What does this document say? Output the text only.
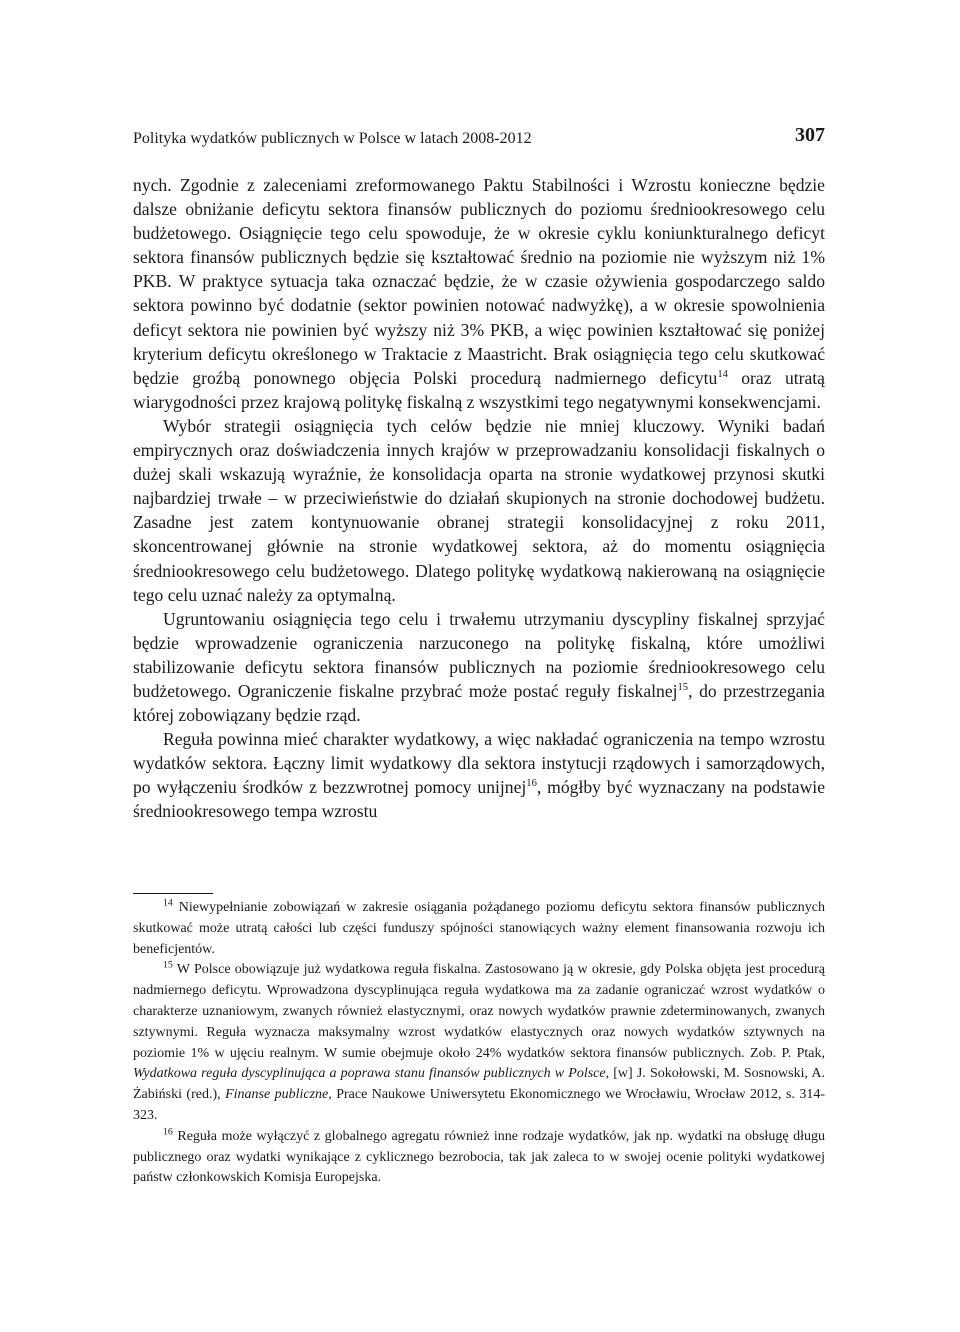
Polityka wydatków publicznych w Polsce w latach 2008-2012	307

nych. Zgodnie z zaleceniami zreformowanego Paktu Stabilności i Wzrostu konieczne będzie dalsze obniżanie deficytu sektora finansów publicznych do poziomu średniookresowego celu budżetowego. Osiągnięcie tego celu spowoduje, że w okresie cyklu koniunkturalnego deficyt sektora finansów publicznych będzie się kształtować średnio na poziomie nie wyższym niż 1% PKB. W praktyce sytuacja taka oznaczać będzie, że w czasie ożywienia gospodarczego saldo sektora powinno być dodatnie (sektor powinien notować nadwyżkę), a w okresie spowolnienia deficyt sektora nie powinien być wyższy niż 3% PKB, a więc powinien kształtować się poniżej kryterium deficytu określonego w Traktacie z Maastricht. Brak osiągnięcia tego celu skutkować będzie groźbą ponownego objęcia Polski procedurą nadmiernego deficytu$^{14}$ oraz utratą wiarygodności przez krajową politykę fiskalną z wszystkimi tego negatywnymi konsekwencjami.

Wybór strategii osiągnięcia tych celów będzie nie mniej kluczowy. Wyniki badań empirycznych oraz doświadczenia innych krajów w przeprowadzaniu konsolidacji fiskalnych o dużej skali wskazują wyraźnie, że konsolidacja oparta na stronie wydatkowej przynosi skutki najbardziej trwałe – w przeciwieństwie do działań skupionych na stronie dochodowej budżetu. Zasadne jest zatem kontynuowanie obranej strategii konsolidacyjnej z roku 2011, skoncentrowanej głównie na stronie wydatkowej sektora, aż do momentu osiągnięcia średniookresowego celu budżetowego. Dlatego politykę wydatkową nakierowaną na osiągnięcie tego celu uznać należy za optymalną.

Ugruntowaniu osiągnięcia tego celu i trwałemu utrzymaniu dyscypliny fiskalnej sprzyjać będzie wprowadzenie ograniczenia narzuconego na politykę fiskalną, które umożliwi stabilizowanie deficytu sektora finansów publicznych na poziomie średniookresowego celu budżetowego. Ograniczenie fiskalne przybrać może postać reguły fiskalnej$^{15}$, do przestrzegania której zobowiązany będzie rząd.

Reguła powinna mieć charakter wydatkowy, a więc nakładać ograniczenia na tempo wzrostu wydatków sektora. Łączny limit wydatkowy dla sektora instytucji rządowych i samorządowych, po wyłączeniu środków z bezzwrotnej pomocy unijnej$^{16}$, mógłby być wyznaczany na podstawie średniookresowego tempa wzrostu

$^{14}$ Niewypełnianie zobowiązań w zakresie osiągania pożądanego poziomu deficytu sektora finansów publicznych skutkować może utratą całości lub części funduszy spójności stanowiących ważny element finansowania rozwoju ich beneficjentów.

$^{15}$ W Polsce obowiązuje już wydatkowa reguła fiskalna. Zastosowano ją w okresie, gdy Polska objęta jest procedurą nadmiernego deficytu. Wprowadzona dyscyplinująca reguła wydatkowa ma za zadanie ograniczać wzrost wydatków o charakterze uznaniowym, zwanych również elastycznymi, oraz nowych wydatków prawnie zdeterminowanych, zwanych sztywnymi. Reguła wyznacza maksymalny wzrost wydatków elastycznych oraz nowych wydatków sztywnych na poziomie 1% w ujęciu realnym. W sumie obejmuje około 24% wydatków sektora finansów publicznych. Zob. P. Ptak, Wydatkowa reguła dyscyplinująca a poprawa stanu finansów publicznych w Polsce, [w] J. Sokołowski, M. Sosnowski, A. Żabiński (red.), Finanse publiczne, Prace Naukowe Uniwersytetu Ekonomicznego we Wrocławiu, Wrocław 2012, s. 314-323.

$^{16}$ Reguła może wyłączyć z globalnego agregatu również inne rodzaje wydatków, jak np. wydatki na obsługę długu publicznego oraz wydatki wynikające z cyklicznego bezrobocia, tak jak zaleca to w swojej ocenie polityki wydatkowej państw członkowskich Komisja Europejska.
